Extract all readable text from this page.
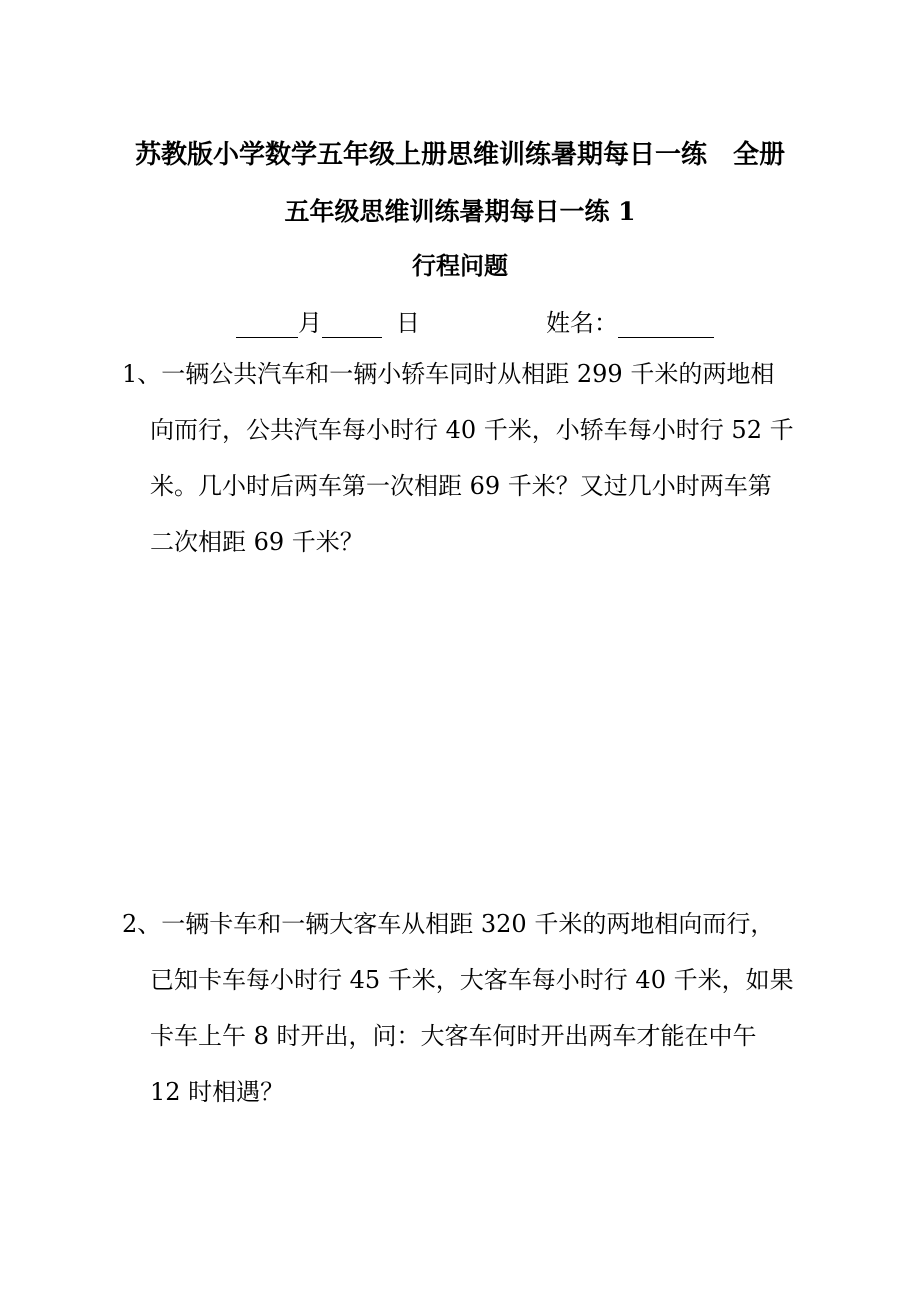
苏教版小学数学五年级上册思维训练暑期每日一练 全册
五年级思维训练暑期每日一练 1
行程问题
月	日	姓名：
1、一辆公共汽车和一辆小轿车同时从相距 299 千米的两地相
向而行，公共汽车每小时行 40 千米，小轿车每小时行 52 千
米。几小时后两车第一次相距 69 千米？又过几小时两车第
二次相距 69 千米？
2、一辆卡车和一辆大客车从相距 320 千米的两地相向而行，
已知卡车每小时行 45 千米，大客车每小时行 40 千米，如果
卡车上午 8 时开出，问：大客车何时开出两车才能在中午
12 时相遇？
